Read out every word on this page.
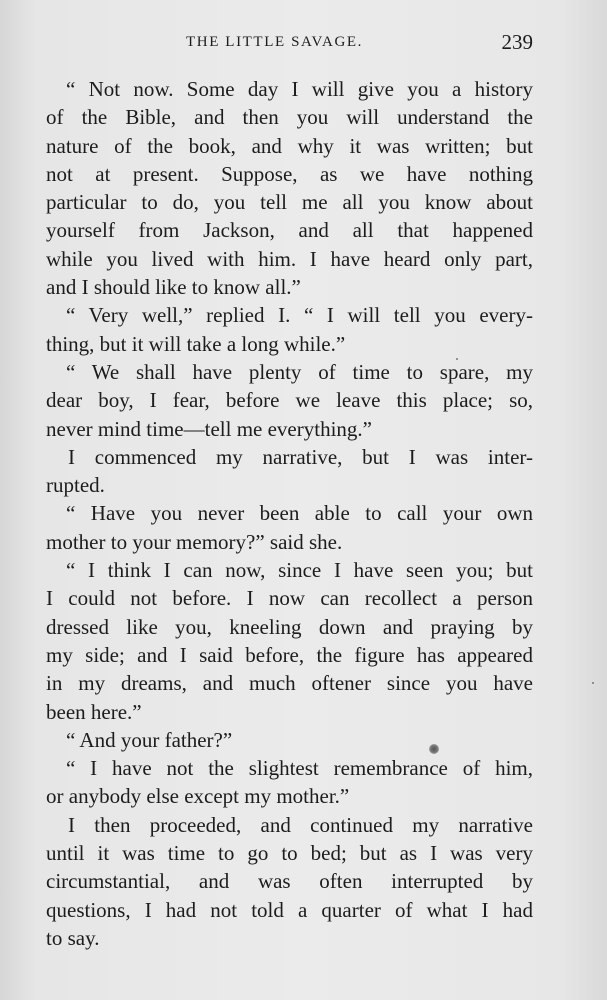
THE LITTLE SAVAGE.	239
“ Not now. Some day I will give you a history
of the Bible, and then you will understand the
nature of the book, and why it was written; but
not at present. Suppose, as we have nothing
particular to do, you tell me all you know about
yourself from Jackson, and all that happened
while you lived with him. I have heard only part,
and I should like to know all.”
“ Very well,” replied I. “ I will tell you every-
thing, but it will take a long while.”
“ We shall have plenty of time to spare, my
dear boy, I fear, before we leave this place; so,
never mind time—tell me everything.”
I commenced my narrative, but I was inter-
rupted.
“ Have you never been able to call your own
mother to your memory?” said she.
“ I think I can now, since I have seen you; but
I could not before. I now can recollect a person
dressed like you, kneeling down and praying by
my side; and I said before, the figure has appeared
in my dreams, and much oftener since you have
been here.”
“ And your father?”
“ I have not the slightest remembrance of him,
or anybody else except my mother.”
I then proceeded, and continued my narrative
until it was time to go to bed; but as I was very
circumstantial, and was often interrupted by
questions, I had not told a quarter of what I had
to say.
